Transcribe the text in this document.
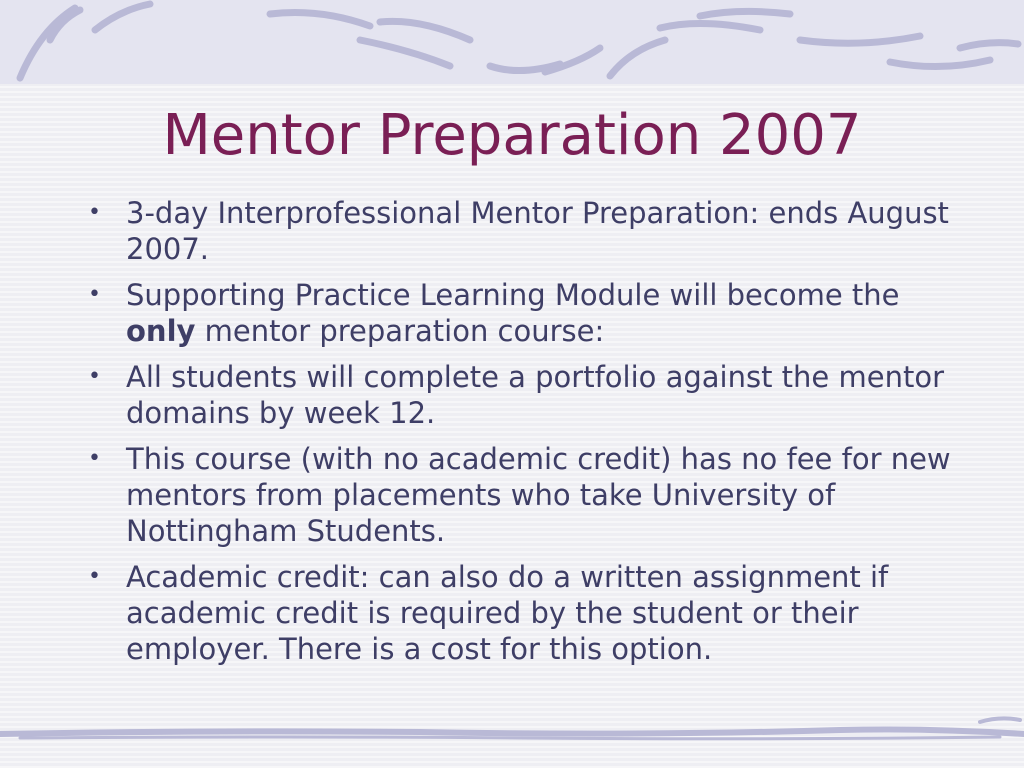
Mentor Preparation 2007
• 3-day Interprofessional Mentor Preparation: ends August 2007.
• Supporting Practice Learning Module will become the only mentor preparation course:
• All students will complete a portfolio against the mentor domains by week 12.
• This course (with no academic credit) has no fee for new mentors from placements who take University of Nottingham Students.
• Academic credit: can also do a written assignment if academic credit is required by the student or their employer. There is a cost for this option.
